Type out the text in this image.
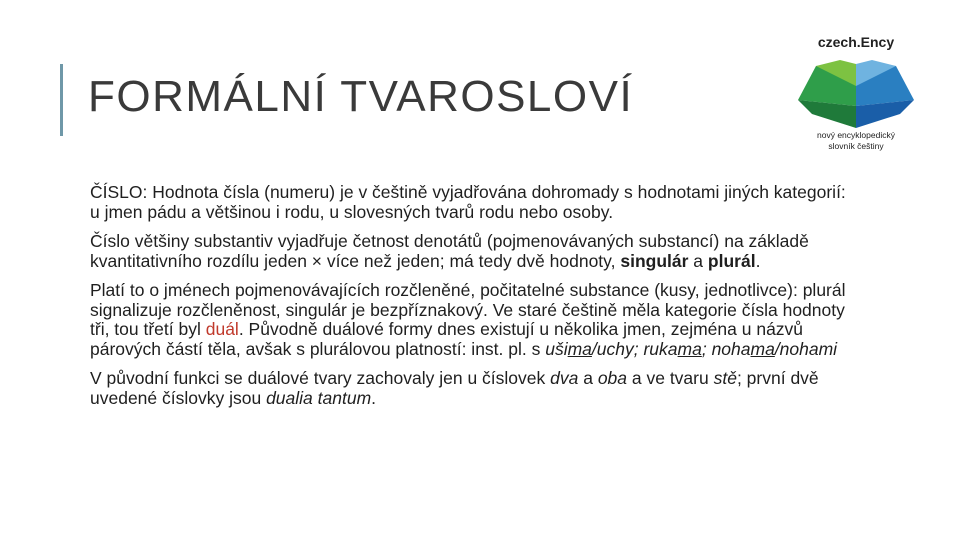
FORMÁLNÍ TVAROSLOVÍ
czech.Ency
nový encyklopedický
slovník češtiny

ČÍSLO: Hodnota čísla (numeru) je v češtině vyjadřována dohromady s hodnotami jiných kategorií: u jmen pádu a většinou i rodu, u slovesných tvarů rodu nebo osoby.

Číslo většiny substantiv vyjadřuje četnost denotátů (pojmenovávaných substancí) na základě kvantitativního rozdílu jeden × více než jeden; má tedy dvě hodnoty, singulár a plurál.

Platí to o jménech pojmenovávajících rozčleněné, počitatelné substance (kusy, jednotlivce): plurál signalizuje rozčleněnost, singulár je bezpříznakový. Ve staré češtině měla kategorie čísla hodnoty tři, tou třetí byl duál. Původně duálové formy dnes existují u několika jmen, zejména u názvů párových částí těla, avšak s plurálovou platností: inst. pl. s ušima/uchy; rukama; nohama/nohami

V původní funkci se duálové tvary zachovaly jen u číslovek dva a oba a ve tvaru stě; první dvě uvedené číslovky jsou dualia tantum.
